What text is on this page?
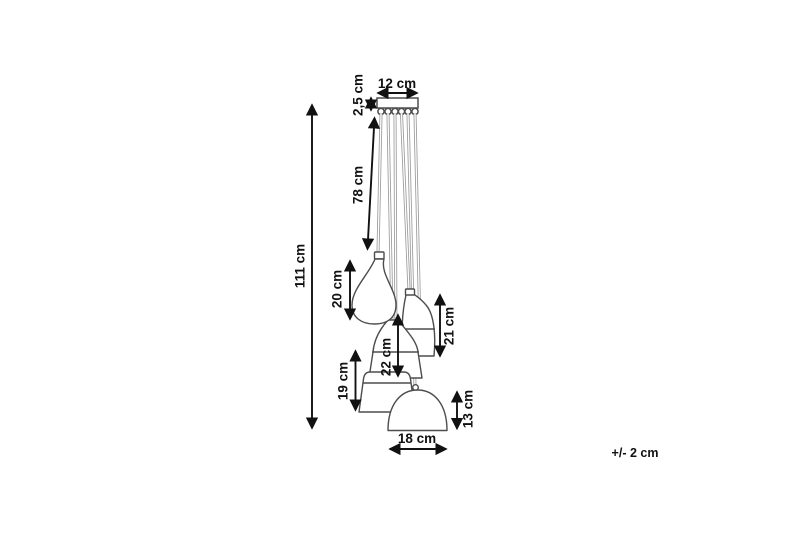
12 cm
2,5 cm
78 cm
111 cm
20 cm
21 cm
22 cm
19 cm
13 cm
18 cm
+/- 2 cm
